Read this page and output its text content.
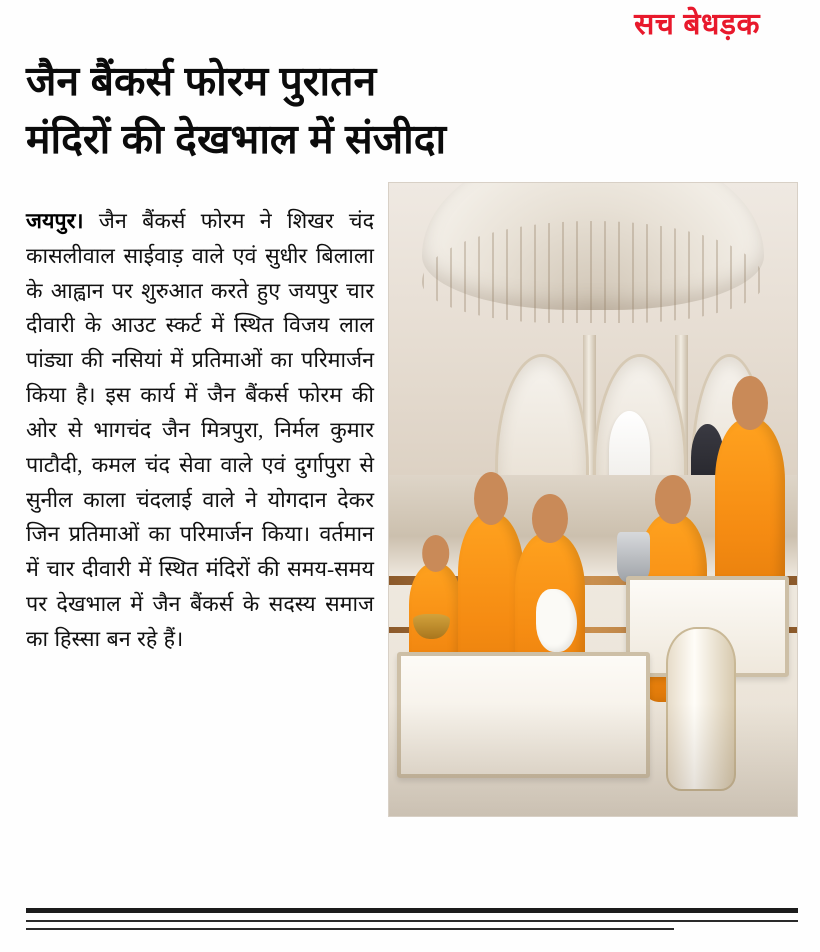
सच बेधड़क
जैन बैंकर्स फोरम पुरातन
मंदिरों की देखभाल में संजीदा

जयपुर। जैन बैंकर्स फोरम ने शिखर चंद कासलीवाल साईवाड़ वाले एवं सुधीर बिलाला के आह्वान पर शुरुआत करते हुए जयपुर चार दीवारी के आउट स्कर्ट में स्थित विजय लाल पांड्या की नसियां में प्रतिमाओं का परिमार्जन किया है। इस कार्य में जैन बैंकर्स फोरम की ओर से भागचंद जैन मित्रपुरा, निर्मल कुमार पाटौदी, कमल चंद सेवा वाले एवं दुर्गापुरा से सुनील काला चंदलाई वाले ने योगदान देकर जिन प्रतिमाओं का परिमार्जन किया। वर्तमान में चार दीवारी में स्थित मंदिरों की समय-समय पर देखभाल में जैन बैंकर्स के सदस्य समाज का हिस्सा बन रहे हैं।
